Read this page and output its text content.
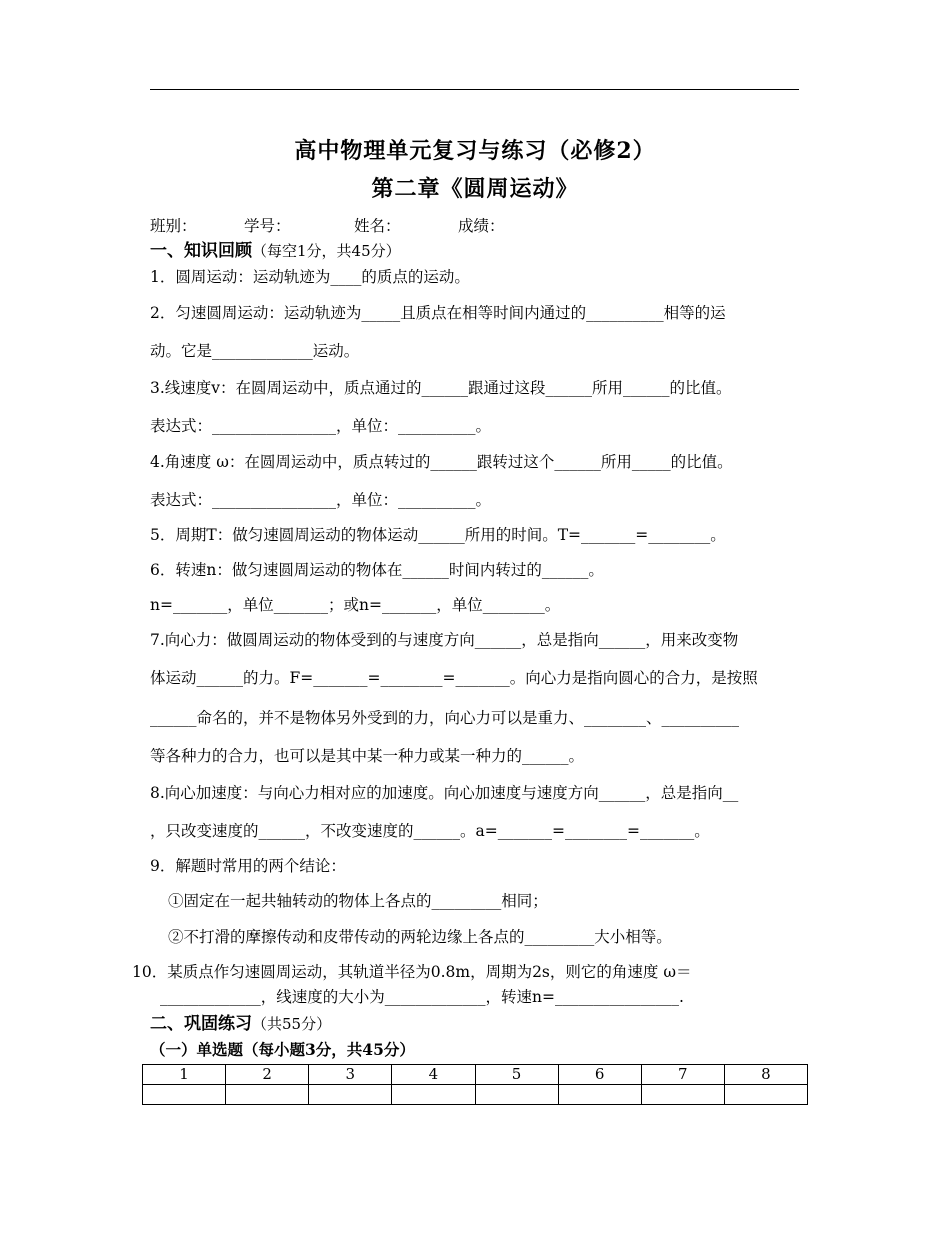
高中物理单元复习与练习（必修2）
第二章《圆周运动》
班别：	学号：	姓名：	成绩：
一、知识回顾（每空1分，共45分）
1．圆周运动：运动轨迹为____的质点的运动。
2．匀速圆周运动：运动轨迹为_____且质点在相等时间内通过的__________相等的运
动。它是_____________运动。
3.线速度v：在圆周运动中，质点通过的______跟通过这段______所用______的比值。
表达式：________________，单位：__________。
4.角速度 ω：在圆周运动中，质点转过的______跟转过这个______所用_____的比值。
表达式：________________，单位：__________。
5．周期T：做匀速圆周运动的物体运动______所用的时间。T=_______=________。
6．转速n：做匀速圆周运动的物体在______时间内转过的______。
n=_______，单位_______；或n=_______，单位________。
7.向心力：做圆周运动的物体受到的与速度方向______，总是指向______，用来改变物
体运动______的力。F=_______=________=_______。向心力是指向圆心的合力，是按照
______命名的，并不是物体另外受到的力，向心力可以是重力、________、__________
等各种力的合力，也可以是其中某一种力或某一种力的______。
8.向心加速度：与向心力相对应的加速度。向心加速度与速度方向______，总是指向__
，只改变速度的______，不改变速度的______。a=_______=________=_______。
9．解题时常用的两个结论：
①固定在一起共轴转动的物体上各点的_________相同；
②不打滑的摩擦传动和皮带传动的两轮边缘上各点的_________大小相等。
10．某质点作匀速圆周运动，其轨道半径为0.8m，周期为2s，则它的角速度 ω＝
_____________，线速度的大小为_____________，转速n=________________.
二、巩固练习（共55分）
（一）单选题（每小题3分，共45分）
1	2	3	4	5	6	7	8
